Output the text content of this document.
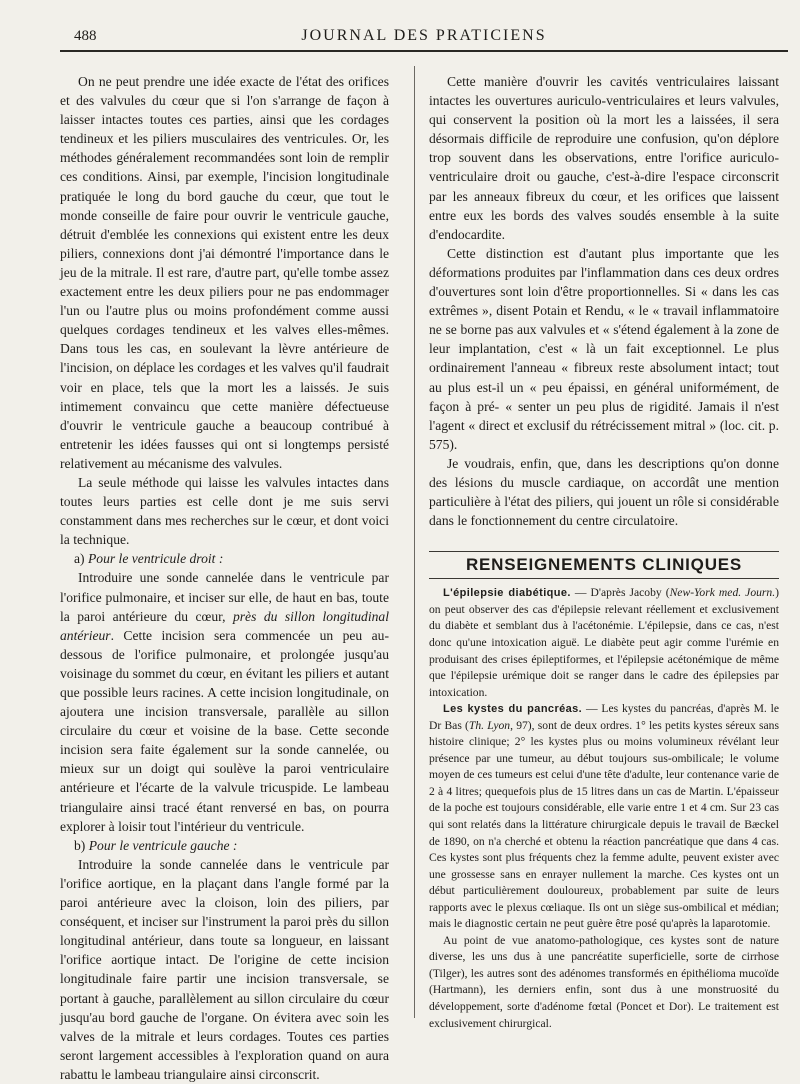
488	JOURNAL DES PRATICIENS

On ne peut prendre une idée exacte de l'état des orifices et des valvules du cœur que si l'on s'arrange de façon à laisser intactes toutes ces parties, ainsi que les cordages tendineux et les piliers musculaires des ventricules. Or, les méthodes généralement recommandées sont loin de remplir ces conditions. Ainsi, par exemple, l'incision longitudinale pratiquée le long du bord gauche du cœur, que tout le monde conseille de faire pour ouvrir le ventricule gauche, détruit d'emblée les connexions qui existent entre les deux piliers, connexions dont j'ai démontré l'importance dans le jeu de la mitrale. Il est rare, d'autre part, qu'elle tombe assez exactement entre les deux piliers pour ne pas endommager l'un ou l'autre plus ou moins profondément comme aussi quelques cordages tendineux et les valves elles-mêmes. Dans tous les cas, en soulevant la lèvre antérieure de l'incision, on déplace les cordages et les valves qu'il faudrait voir en place, tels que la mort les a laissés. Je suis intimement convaincu que cette manière défectueuse d'ouvrir le ventricule gauche a beaucoup contribué à entretenir les idées fausses qui ont si longtemps persisté relativement au mécanisme des valvules.

La seule méthode qui laisse les valvules intactes dans toutes leurs parties est celle dont je me suis servi constamment dans mes recherches sur le cœur, et dont voici la technique.

a) Pour le ventricule droit :

Introduire une sonde cannelée dans le ventricule par l'orifice pulmonaire, et inciser sur elle, de haut en bas, toute la paroi antérieure du cœur, près du sillon longitudinal antérieur. Cette incision sera commencée un peu au-dessous de l'orifice pulmonaire, et prolongée jusqu'au voisinage du sommet du cœur, en évitant les piliers et autant que possible leurs racines. A cette incision longitudinale, on ajoutera une incision transversale, parallèle au sillon circulaire du cœur et voisine de la base. Cette seconde incision sera faite également sur la sonde cannelée, ou mieux sur un doigt qui soulève la paroi ventriculaire antérieure et l'écarte de la valvule tricuspide. Le lambeau triangulaire ainsi tracé étant renversé en bas, on pourra explorer à loisir tout l'intérieur du ventricule.

b) Pour le ventricule gauche :

Introduire la sonde cannelée dans le ventricule par l'orifice aortique, en la plaçant dans l'angle formé par la paroi antérieure avec la cloison, loin des piliers, par conséquent, et inciser sur l'instrument la paroi près du sillon longitudinal antérieur, dans toute sa longueur, en laissant l'orifice aortique intact. De l'origine de cette incision longitudinale faire partir une incision transversale, se portant à gauche, parallèlement au sillon circulaire du cœur jusqu'au bord gauche de l'organe. On évitera avec soin les valves de la mitrale et leurs cordages. Toutes ces parties seront largement accessibles à l'exploration quand on aura rabattu le lambeau triangulaire ainsi circonscrit.

Cette manière d'ouvrir les cavités ventriculaires laissant intactes les ouvertures auriculo-ventriculaires et leurs valvules, qui conservent la position où la mort les a laissées, il sera désormais difficile de reproduire une confusion, qu'on déplore trop souvent dans les observations, entre l'orifice auriculo-ventriculaire droit ou gauche, c'est-à-dire l'espace circonscrit par les anneaux fibreux du cœur, et les orifices que laissent entre eux les bords des valves soudés ensemble à la suite d'endocardite.

Cette distinction est d'autant plus importante que les déformations produites par l'inflammation dans ces deux ordres d'ouvertures sont loin d'être proportionnelles. Si « dans les cas extrêmes », disent Potain et Rendu, « le « travail inflammatoire ne se borne pas aux valvules et « s'étend également à la zone de leur implantation, c'est « là un fait exceptionnel. Le plus ordinairement l'anneau « fibreux reste absolument intact; tout au plus est-il un « peu épaissi, en général uniformément, de façon à pré- « senter un peu plus de rigidité. Jamais il n'est l'agent « direct et exclusif du rétrécissement mitral » (loc. cit. p. 575).

Je voudrais, enfin, que, dans les descriptions qu'on donne des lésions du muscle cardiaque, on accordât une mention particulière à l'état des piliers, qui jouent un rôle si considérable dans le fonctionnement du centre circulatoire.

RENSEIGNEMENTS CLINIQUES

L'épilepsie diabétique. — D'après Jacoby (New-York med. Journ.) on peut observer des cas d'épilepsie relevant réellement et exclusivement du diabète et semblant dus à l'acétonémie. L'épilepsie, dans ce cas, n'est donc qu'une intoxication aiguë. Le diabète peut agir comme l'urémie en produisant des crises épileptiformes, et l'épilepsie acétonémique de même que l'épilepsie urémique doit se ranger dans le cadre des épilepsies par intoxication.

Les kystes du pancréas. — Les kystes du pancréas, d'après M. le Dr Bas (Th. Lyon, 97), sont de deux ordres. 1° les petits kystes séreux sans histoire clinique; 2° les kystes plus ou moins volumineux révélant leur présence par une tumeur, au début toujours sus-ombilicale; le volume moyen de ces tumeurs est celui d'une tête d'adulte, leur contenance varie de 2 à 4 litres; quequefois plus de 15 litres dans un cas de Martin. L'épaisseur de la poche est toujours considérable, elle varie entre 1 et 4 cm. Sur 23 cas qui sont relatés dans la littérature chirurgicale depuis le travail de Bæckel de 1890, on n'a cherché et obtenu la réaction pancréatique que dans 4 cas. Ces kystes sont plus fréquents chez la femme adulte, peuvent exister avec une grossesse sans en enrayer nullement la marche. Ces kystes ont un début particulièrement douloureux, probablement par suite de leurs rapports avec le plexus cœliaque. Ils ont un siège sus-ombilical et médian; mais le diagnostic certain ne peut guère être posé qu'après la laparotomie.

Au point de vue anatomo-pathologique, ces kystes sont de nature diverse, les uns dus à une pancréatite superficielle, sorte de cirrhose (Tilger), les autres sont des adénomes transformés en épithélioma mucoïde (Hartmann), les derniers enfin, sont dus à une monstruosité du développement, sorte d'adénome fœtal (Poncet et Dor). Le traitement est exclusivement chirurgical.
